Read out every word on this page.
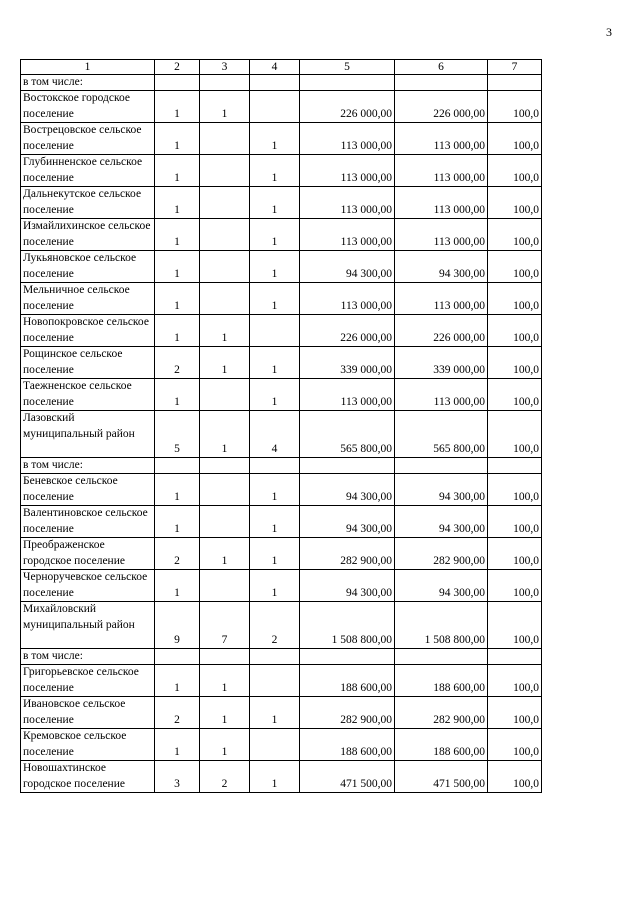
3
1	2	3	4	5	6	7
в том числе:						
Востокское городское поселение	1	1		226 000,00	226 000,00	100,0
Вострецовское сельское поселение	1		1	113 000,00	113 000,00	100,0
Глубинненское сельское поселение	1		1	113 000,00	113 000,00	100,0
Дальнекутское сельское поселение	1		1	113 000,00	113 000,00	100,0
Измайлихинское сельское поселение	1		1	113 000,00	113 000,00	100,0
Лукьяновское сельское поселение	1		1	94 300,00	94 300,00	100,0
Мельничное сельское поселение	1		1	113 000,00	113 000,00	100,0
Новопокровское сельское поселение	1	1		226 000,00	226 000,00	100,0
Рощинское сельское поселение	2	1	1	339 000,00	339 000,00	100,0
Таежненское сельское поселение	1		1	113 000,00	113 000,00	100,0
Лазовский муниципальный район	5	1	4	565 800,00	565 800,00	100,0
в том числе:						
Беневское сельское поселение	1		1	94 300,00	94 300,00	100,0
Валентиновское сельское поселение	1		1	94 300,00	94 300,00	100,0
Преображенское городское поселение	2	1	1	282 900,00	282 900,00	100,0
Черноручевское сельское поселение	1		1	94 300,00	94 300,00	100,0
Михайловский муниципальный район	9	7	2	1 508 800,00	1 508 800,00	100,0
в том числе:						
Григорьевское сельское поселение	1	1		188 600,00	188 600,00	100,0
Ивановское сельское поселение	2	1	1	282 900,00	282 900,00	100,0
Кремовское сельское поселение	1	1		188 600,00	188 600,00	100,0
Новошахтинское городское поселение	3	2	1	471 500,00	471 500,00	100,0
